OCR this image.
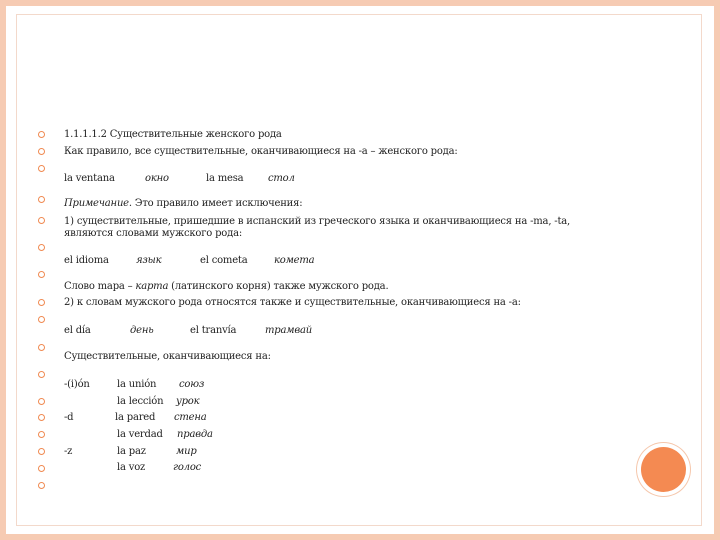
1.1.1.1.2 Существительные женского рода
Как правило, все существительные, оканчивающиеся на -а – женского рода:
la ventana	окно	la mesa стол
Примечание. Это правило имеет исключения:
1) существительные, пришедшие в испанский из греческого языка и оканчивающиеся на -ma, -ta,
являются словами мужского рода:
el idioma	язык	el cometa	комета
Слово mapa – карта (латинского корня) также мужского рода.
2) к словам мужского рода относятся также и существительные, оканчивающиеся на -a:
el día	день	el tranvía	трамвай
Существительные, оканчивающиеся на:
-(i)ón	la unión союз
la lección урок
-d	la pared стена
la verdad правда
-z	la paz	мир
la voz	голос
